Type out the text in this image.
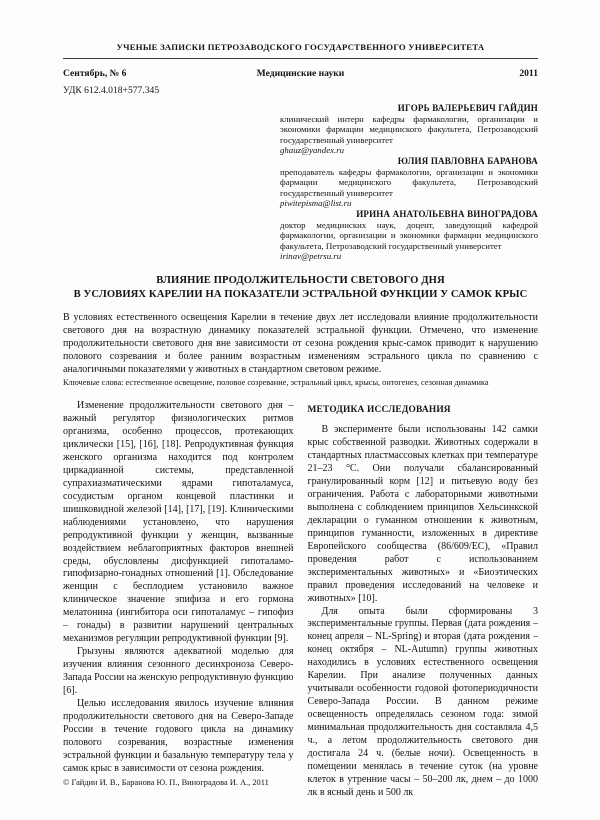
УЧЕНЫЕ ЗАПИСКИ ПЕТРОЗАВОДСКОГО ГОСУДАРСТВЕННОГО УНИВЕРСИТЕТА
Сентябрь, № 6	Медицинские науки	2011
УДК 612.4.018+577.345
ИГОРЬ ВАЛЕРЬЕВИЧ ГАЙДИН
клинический интерн кафедры фармакологии, организации и экономики фармации медицинского факультета, Петрозаводский государственный университет
ghauz@yandex.ru
ЮЛИЯ ПАВЛОВНА БАРАНОВА
преподаватель кафедры фармакологии, организации и экономики фармации медицинского факультета, Петрозаводский государственный университет
piwitepisma@list.ru
ИРИНА АНАТОЛЬЕВНА ВИНОГРАДОВА
доктор медицинских наук, доцент, заведующий кафедрой фармакологии, организации и экономики фармации медицинского факультета, Петрозаводский государственный университет
irinav@petrsu.ru
ВЛИЯНИЕ ПРОДОЛЖИТЕЛЬНОСТИ СВЕТОВОГО ДНЯ
В УСЛОВИЯХ КАРЕЛИИ НА ПОКАЗАТЕЛИ ЭСТРАЛЬНОЙ ФУНКЦИИ У САМОК КРЫС
В условиях естественного освещения Карелии в течение двух лет исследовали влияние продолжительности светового дня на возрастную динамику показателей эстральной функции. Отмечено, что изменение продолжительности светового дня вне зависимости от сезона рождения крыс-самок приводит к нарушению полового созревания и более ранним возрастным изменениям эстрального цикла по сравнению с аналогичными показателями у животных в стандартном световом режиме.
Ключевые слова: естественное освещение, половое созревание, эстральный цикл, крысы, онтогенез, сезонная динамика

Изменение продолжительности светового дня – важный регулятор физиологических ритмов организма, особенно процессов, протекающих циклически [15], [16], [18]. Репродуктивная функция женского организма находится под контролем циркадианной системы, представленной супрахиазматическими ядрами гипоталамуса, сосудистым органом концевой пластинки и шишковидной железой [14], [17], [19]. Клиническими наблюдениями установлено, что нарушения репродуктивной функции у женщин, вызванные воздействием неблагоприятных факторов внешней среды, обусловлены дисфункцией гипоталамо-гипофизарно-гонадных отношений [1]. Обследование женщин с бесплодием установило важное клиническое значение эпифиза и его гормона мелатонина (ингибитора оси гипоталамус – гипофиз – гонады) в развитии нарушений центральных механизмов регуляции репродуктивной функции [9].

Грызуны являются адекватной моделью для изучения влияния сезонного десинхроноза Северо-Запада России на женскую репродуктивную функцию [6].

Целью исследования явилось изучение влияния продолжительности светового дня на Северо-Западе России в течение годового цикла на динамику полового созревания, возрастные изменения эстральной функции и базальную температуру тела у самок крыс в зависимости от сезона рождения.

© Гайдин И. В., Баранова Ю. П., Виноградова И. А., 2011
МЕТОДИКА ИССЛЕДОВАНИЯ

В эксперименте были использованы 142 самки крыс собственной разводки. Животных содержали в стандартных пластмассовых клетках при температуре 21–23 °С. Они получали сбалансированный гранулированный корм [12] и питьевую воду без ограничения. Работа с лабораторными животными выполнена с соблюдением принципов Хельсинкской декларации о гуманном отношении к животным, принципов гуманности, изложенных в директиве Европейского сообщества (86/609/ЕС), «Правил проведения работ с использованием экспериментальных животных» и «Биоэтических правил проведения исследований на человеке и животных» [10].

Для опыта были сформированы 3 экспериментальные группы. Первая (дата рождения – конец апреля – NL-Spring) и вторая (дата рождения – конец октября – NL-Autumn) группы животных находились в условиях естественного освещения Карелии. При анализе полученных данных учитывали особенности годовой фотопериодичности Северо-Запада России. В данном режиме освещенность определялась сезоном года: зимой минимальная продолжительность дня составляла 4,5 ч., а летом продолжительность светового дня достигала 24 ч. (белые ночи). Освещенность в помещении менялась в течение суток (на уровне клеток в утренние часы – 50–200 лк, днем – до 1000 лк в ясный день и 500 лк
